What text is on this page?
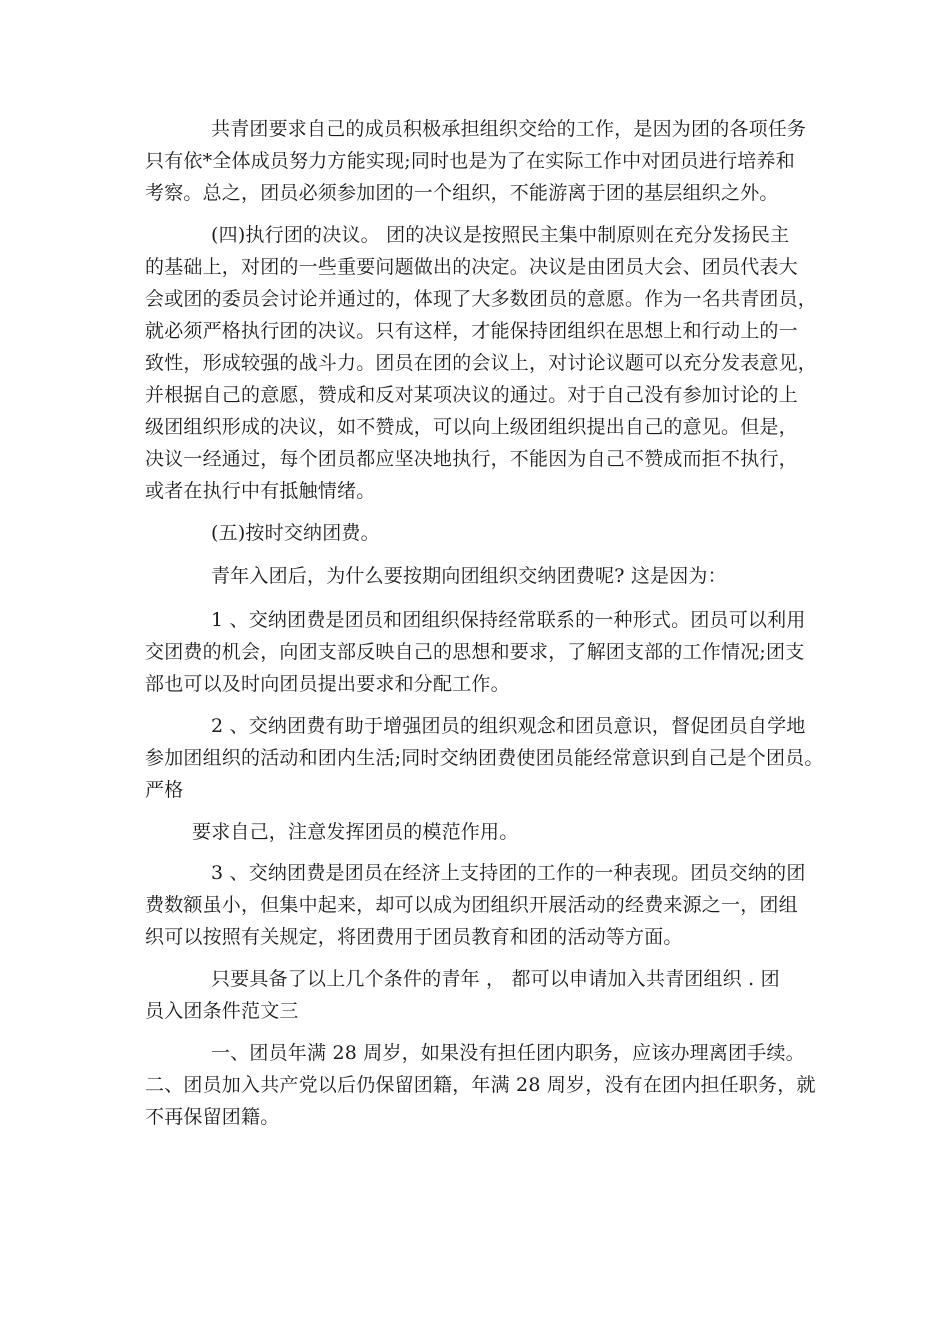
共青团要求自己的成员积极承担组织交给的工作，是因为团的各项任务
只有依*全体成员努力方能实现;同时也是为了在实际工作中对团员进行培养和
考察。总之，团员必须参加团的一个组织，不能游离于团的基层组织之外。
(四)执行团的决议。 团的决议是按照民主集中制原则在充分发扬民主
的基础上，对团的一些重要问题做出的决定。决议是由团员大会、团员代表大
会或团的委员会讨论并通过的，体现了大多数团员的意愿。作为一名共青团员，
就必须严格执行团的决议。只有这样，才能保持团组织在思想上和行动上的一
致性，形成较强的战斗力。团员在团的会议上，对讨论议题可以充分发表意见，
并根据自己的意愿，赞成和反对某项决议的通过。对于自己没有参加讨论的上
级团组织形成的决议，如不赞成，可以向上级团组织提出自己的意见。但是，
决议一经通过，每个团员都应坚决地执行，不能因为自己不赞成而拒不执行，
或者在执行中有抵触情绪。
(五)按时交纳团费。
青年入团后，为什么要按期向团组织交纳团费呢? 这是因为：
1 、交纳团费是团员和团组织保持经常联系的一种形式。团员可以利用
交团费的机会，向团支部反映自己的思想和要求，了解团支部的工作情况;团支
部也可以及时向团员提出要求和分配工作。
2 、交纳团费有助于增强团员的组织观念和团员意识，督促团员自学地
参加团组织的活动和团内生活;同时交纳团费使团员能经常意识到自己是个团员。
严格
要求自己，注意发挥团员的模范作用。
3 、交纳团费是团员在经济上支持团的工作的一种表现。团员交纳的团
费数额虽小，但集中起来，却可以成为团组织开展活动的经费来源之一，团组
织可以按照有关规定，将团费用于团员教育和团的活动等方面。
只要具备了以上几个条件的青年 ， 都可以申请加入共青团组织 . 团
员入团条件范文三
一、团员年满 28 周岁，如果没有担任团内职务，应该办理离团手续。
二、团员加入共产党以后仍保留团籍，年满 28 周岁，没有在团内担任职务，就
不再保留团籍。
